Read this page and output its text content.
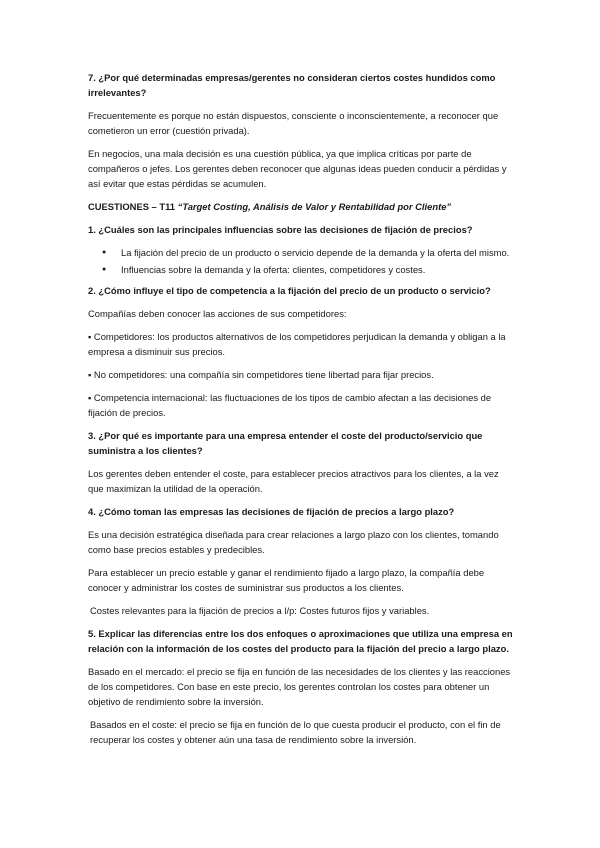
7. ¿Por qué determinadas empresas/gerentes no consideran ciertos costes hundidos como irrelevantes?
Frecuentemente es porque no están dispuestos, consciente o inconscientemente, a reconocer que cometieron un error (cuestión privada).
En negocios, una mala decisión es una cuestión pública, ya que implica críticas por parte de compañeros o jefes. Los gerentes deben reconocer que algunas ideas pueden conducir a pérdidas y así evitar que estas pérdidas se acumulen.
CUESTIONES – T11 “Target Costing, Análisis de Valor y Rentabilidad por Cliente”
1. ¿Cuáles son las principales influencias sobre las decisiones de fijación de precios?
● La fijación del precio de un producto o servicio depende de la demanda y la oferta del mismo.
● Influencias sobre la demanda y la oferta: clientes, competidores y costes.
2. ¿Cómo influye el tipo de competencia a la fijación del precio de un producto o servicio?
Compañías deben conocer las acciones de sus competidores:
▪ Competidores: los productos alternativos de los competidores perjudican la demanda y obligan a la empresa a disminuir sus precios.
▪ No competidores: una compañía sin competidores tiene libertad para fijar precios.
▪ Competencia internacional: las fluctuaciones de los tipos de cambio afectan a las decisiones de fijación de precios.
3. ¿Por qué es importante para una empresa entender el coste del producto/servicio que suministra a los clientes?
Los gerentes deben entender el coste, para establecer precios atractivos para los clientes, a la vez que maximizan la utilidad de la operación.
4. ¿Cómo toman las empresas las decisiones de fijación de precios a largo plazo?
Es una decisión estratégica diseñada para crear relaciones a largo plazo con los clientes, tomando como base precios estables y predecibles.
Para establecer un precio estable y ganar el rendimiento fijado a largo plazo, la compañía debe conocer y administrar los costes de suministrar sus productos a los clientes.
Costes relevantes para la fijación de precios a l/p: Costes futuros fijos y variables.
5. Explicar las diferencias entre los dos enfoques o aproximaciones que utiliza una empresa en relación con la información de los costes del producto para la fijación del precio a largo plazo.
Basado en el mercado: el precio se fija en función de las necesidades de los clientes y las reacciones de los competidores. Con base en este precio, los gerentes controlan los costes para obtener un objetivo de rendimiento sobre la inversión.
Basados en el coste: el precio se fija en función de lo que cuesta producir el producto, con el fin de recuperar los costes y obtener aún una tasa de rendimiento sobre la inversión.
